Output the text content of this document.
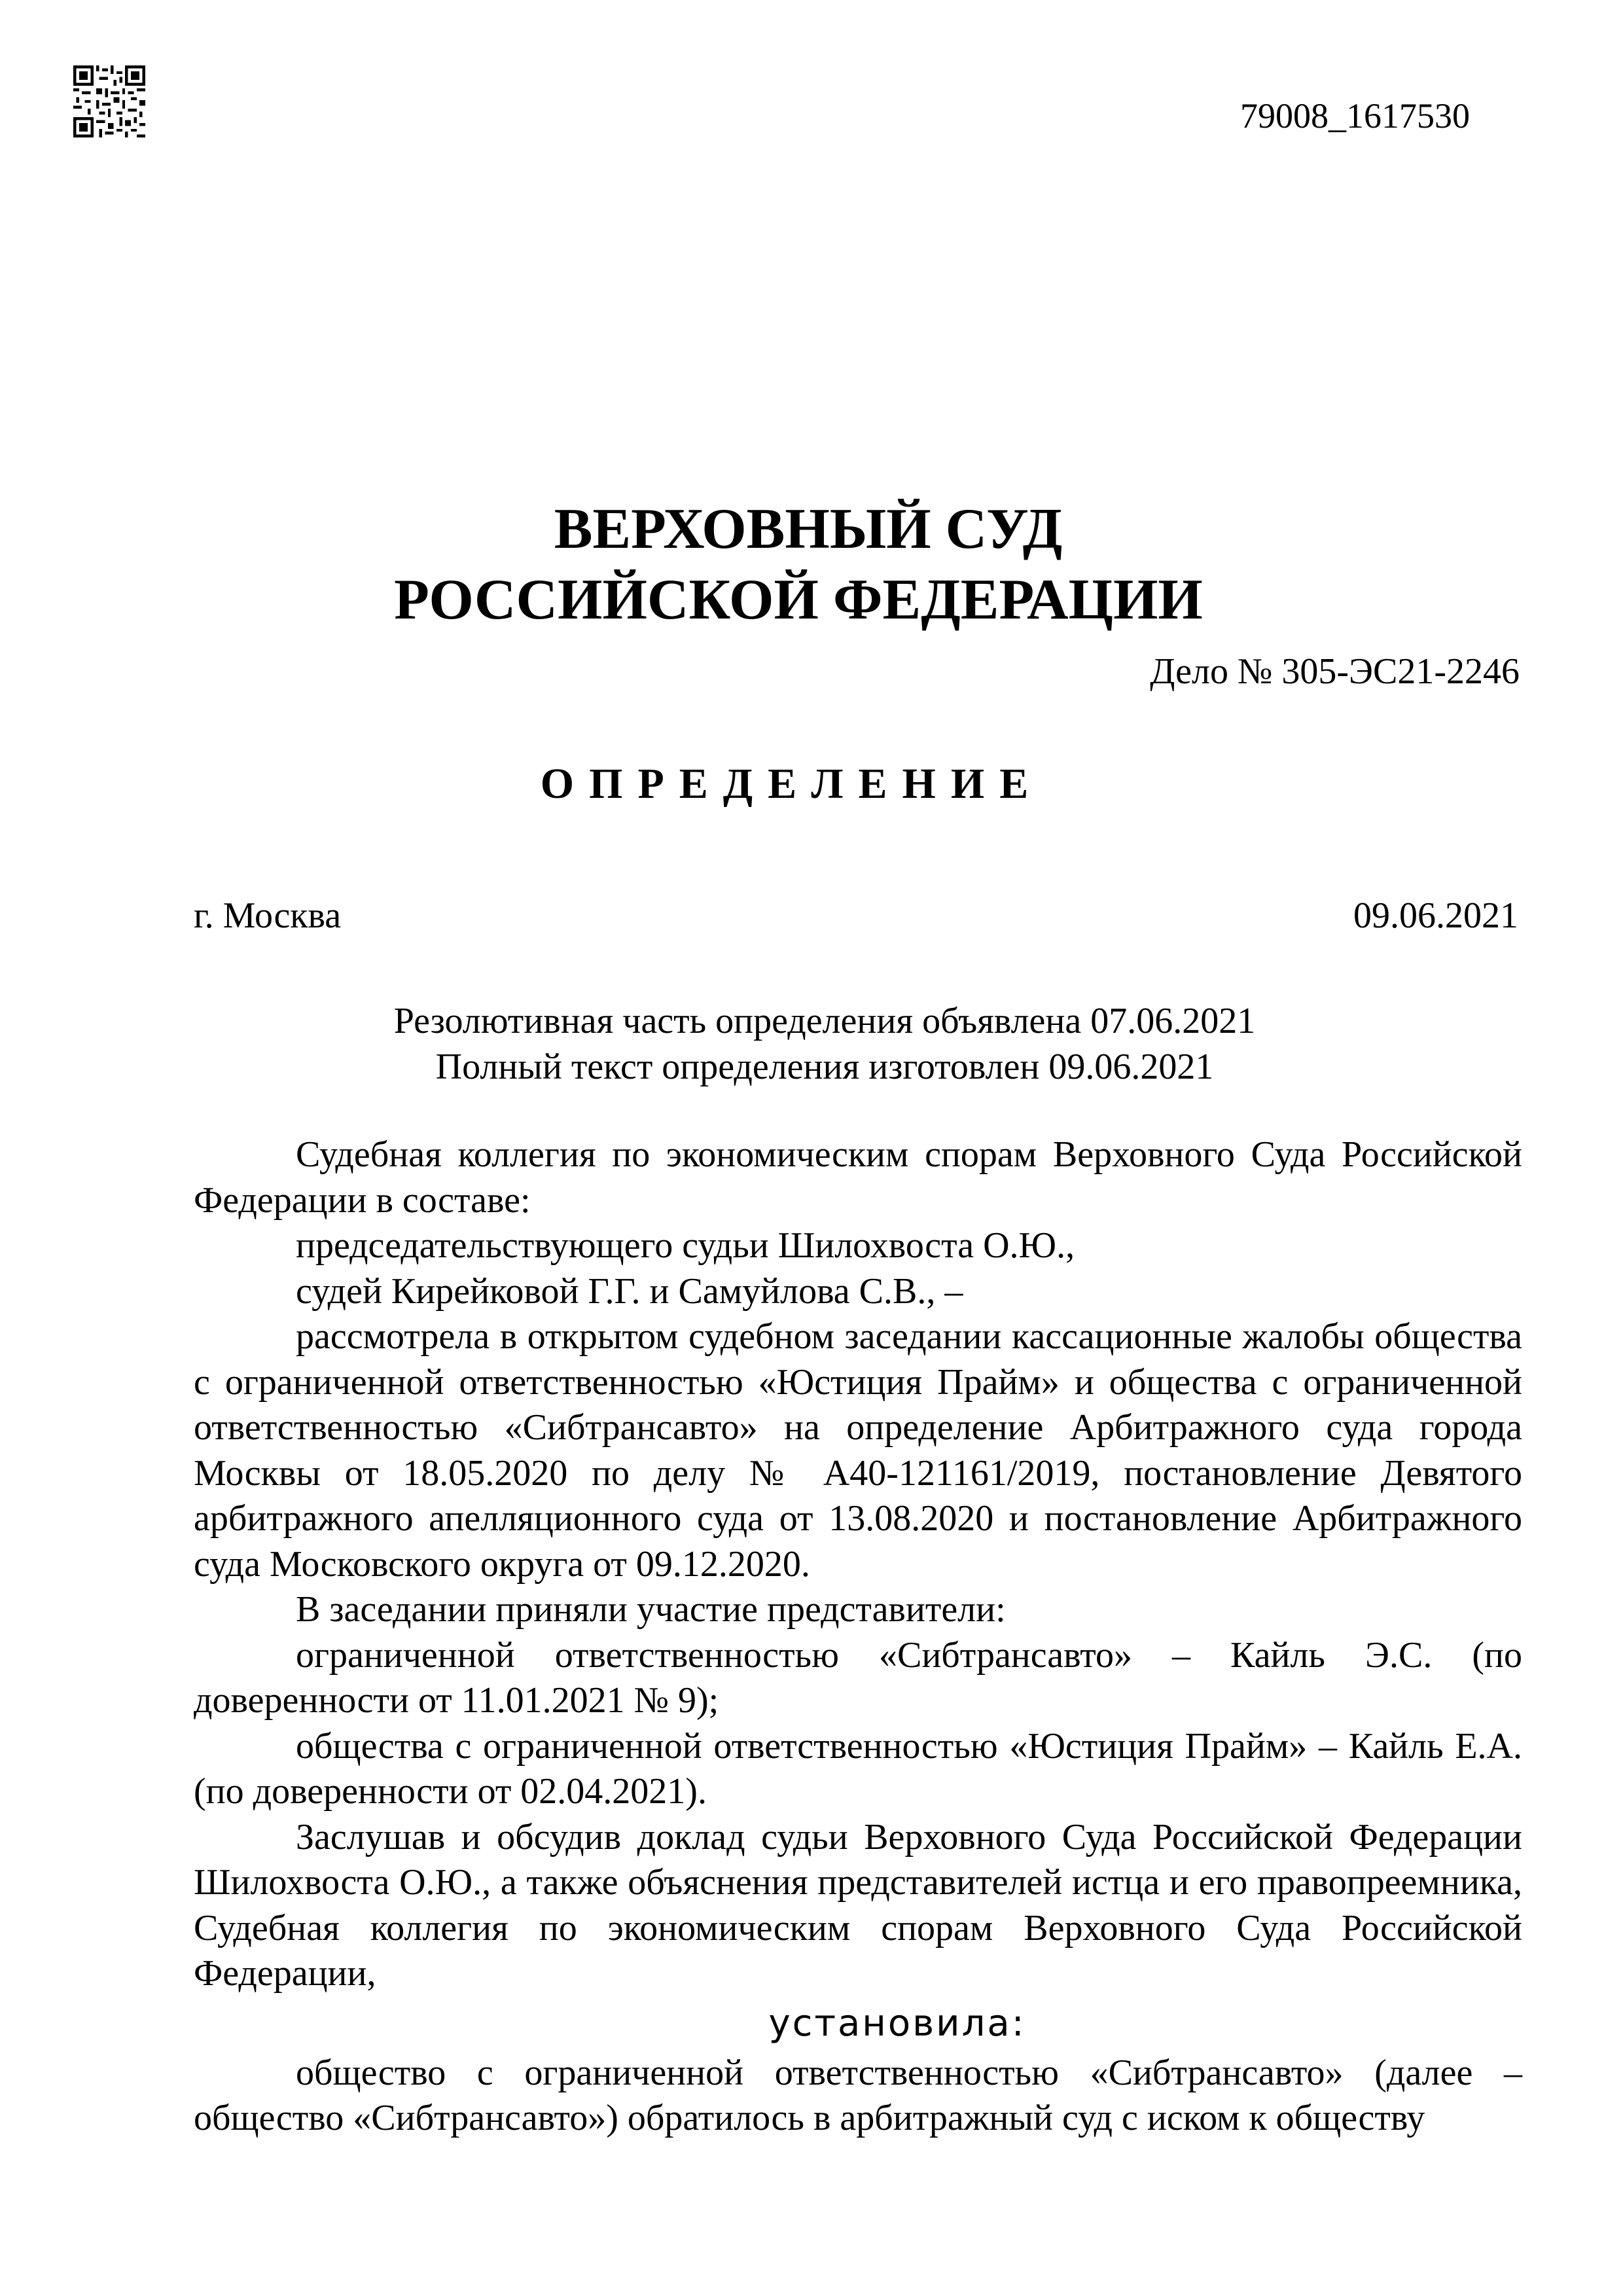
79008_1617530
ВЕРХОВНЫЙ СУД
РОССИЙСКОЙ ФЕДЕРАЦИИ
Дело № 305-ЭС21-2246
ОПРЕДЕЛЕНИЕ
г. Москва	09.06.2021
Резолютивная часть определения объявлена 07.06.2021
Полный текст определения изготовлен 09.06.2021

Судебная коллегия по экономическим спорам Верховного Суда Российской Федерации в составе:

председательствующего судьи Шилохвоста О.Ю.,

судей Кирейковой Г.Г. и Самуйлова С.В., –

рассмотрела в открытом судебном заседании кассационные жалобы общества с ограниченной ответственностью «Юстиция Прайм» и общества с ограниченной ответственностью «Сибтрансавто» на определение Арбитражного суда города Москвы от 18.05.2020 по делу № А40-121161/2019, постановление Девятого арбитражного апелляционного суда от 13.08.2020 и постановление Арбитражного суда Московского округа от 09.12.2020.

В заседании приняли участие представители:

ограниченной ответственностью «Сибтрансавто» – Кайль Э.С. (по доверенности от 11.01.2021 № 9);

общества с ограниченной ответственностью «Юстиция Прайм» – Кайль Е.А. (по доверенности от 02.04.2021).

Заслушав и обсудив доклад судьи Верховного Суда Российской Федерации Шилохвоста О.Ю., а также объяснения представителей истца и его правопреемника, Судебная коллегия по экономическим спорам Верховного Суда Российской Федерации,

установила:

общество с ограниченной ответственностью «Сибтрансавто» (далее – общество «Сибтрансавто») обратилось в арбитражный суд с иском к обществу
